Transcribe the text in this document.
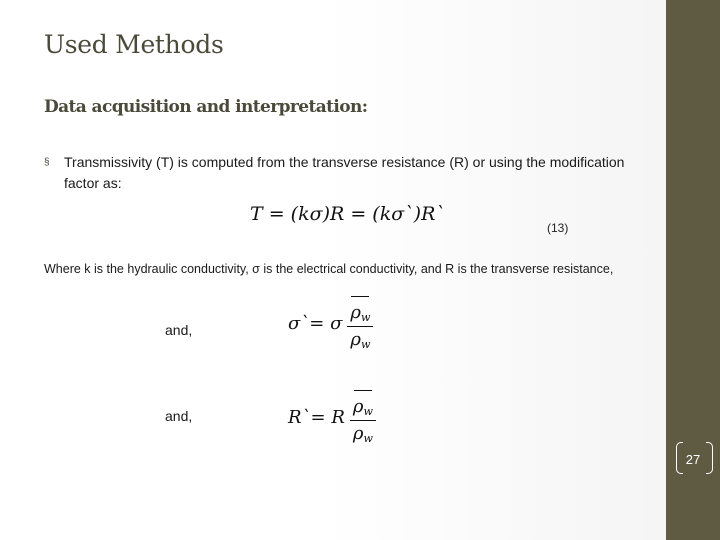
Used Methods
Data acquisition and interpretation:
§	Transmissivity (T) is computed from the transverse resistance (R) or using the modification factor as:
T = (kσ)R = (kσ`)R`
(13)
Where k is the hydraulic conductivity, σ is the electrical conductivity, and R is the transverse resistance,
and,	σ`= σ $\frac{\rho_w}{\rho_w}$
and,	R`= R $\frac{\rho_w}{\rho_w}$
27
